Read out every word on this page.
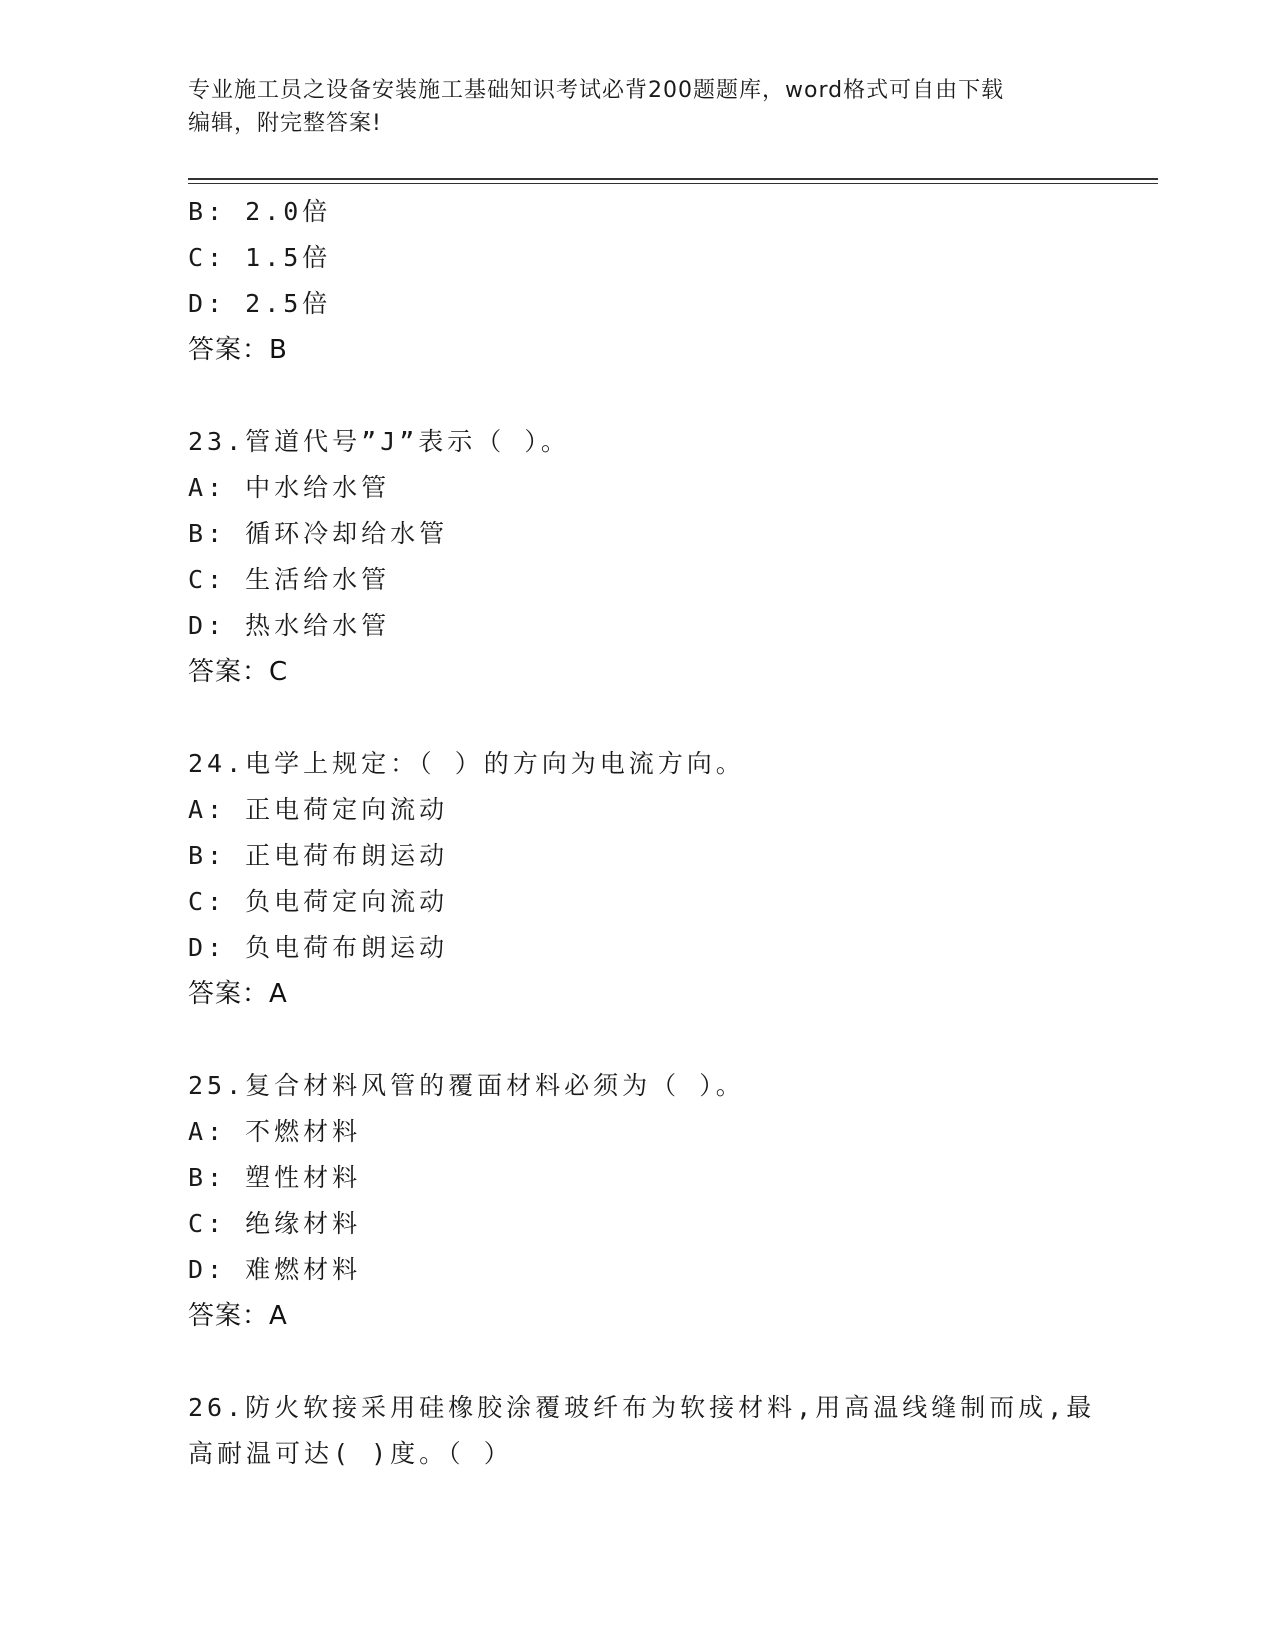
专业施工员之设备安装施工基础知识考试必背200题题库，word格式可自由下载
编辑，附完整答案!
B: 2.0倍
C: 1.5倍
D: 2.5倍
答案：B
23.管道代号”J”表示（ ）。
A: 中水给水管
B: 循环冷却给水管
C: 生活给水管
D: 热水给水管
答案：C
24.电学上规定：（ ）的方向为电流方向。
A: 正电荷定向流动
B: 正电荷布朗运动
C: 负电荷定向流动
D: 负电荷布朗运动
答案：A
25.复合材料风管的覆面材料必须为（ ）。
A: 不燃材料
B: 塑性材料
C: 绝缘材料
D: 难燃材料
答案：A
26.防火软接采用硅橡胶涂覆玻纤布为软接材料,用高温线缝制而成,最
高耐温可达( )度。（ ）
